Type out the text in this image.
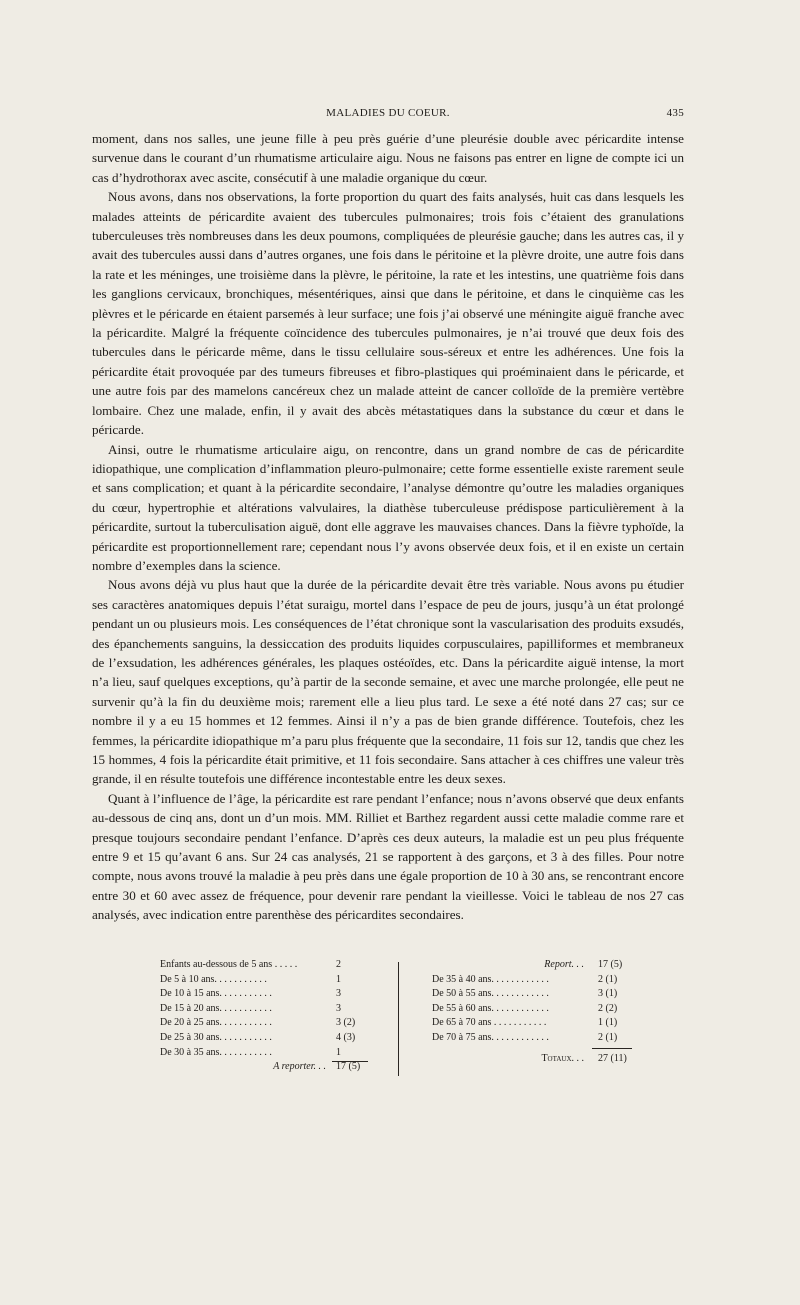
MALADIES DU COEUR.	435

moment, dans nos salles, une jeune fille à peu près guérie d’une pleurésie double avec péricardite intense survenue dans le courant d’un rhumatisme articulaire aigu. Nous ne faisons pas entrer en ligne de compte ici un cas d’hydrothorax avec ascite, consécutif à une maladie organique du cœur.

Nous avons, dans nos observations, la forte proportion du quart des faits analysés, huit cas dans lesquels les malades atteints de péricardite avaient des tubercules pulmonaires; trois fois c’étaient des granulations tuberculeuses très nombreuses dans les deux poumons, compliquées de pleurésie gauche; dans les autres cas, il y avait des tubercules aussi dans d’autres organes, une fois dans le péritoine et la plèvre droite, une autre fois dans la rate et les méninges, une troisième dans la plèvre, le péritoine, la rate et les intestins, une quatrième fois dans les ganglions cervicaux, bronchiques, mésentériques, ainsi que dans le péritoine, et dans le cinquième cas les plèvres et le péricarde en étaient parsemés à leur surface; une fois j’ai observé une méningite aiguë franche avec la péricardite. Malgré la fréquente coïncidence des tubercules pulmonaires, je n’ai trouvé que deux fois des tubercules dans le péricarde même, dans le tissu cellulaire sous-séreux et entre les adhérences. Une fois la péricardite était provoquée par des tumeurs fibreuses et fibro-plastiques qui proéminaient dans le péricarde, et une autre fois par des mamelons cancéreux chez un malade atteint de cancer colloïde de la première vertèbre lombaire. Chez une malade, enfin, il y avait des abcès métastatiques dans la substance du cœur et dans le péricarde.

Ainsi, outre le rhumatisme articulaire aigu, on rencontre, dans un grand nombre de cas de péricardite idiopathique, une complication d’inflammation pleuro-pulmonaire; cette forme essentielle existe rarement seule et sans complication; et quant à la péricardite secondaire, l’analyse démontre qu’outre les maladies organiques du cœur, hypertrophie et altérations valvulaires, la diathèse tuberculeuse prédispose particulièrement à la péricardite, surtout la tuberculisation aiguë, dont elle aggrave les mauvaises chances. Dans la fièvre typhoïde, la péricardite est proportionnellement rare; cependant nous l’y avons observée deux fois, et il en existe un certain nombre d’exemples dans la science.

Nous avons déjà vu plus haut que la durée de la péricardite devait être très variable. Nous avons pu étudier ses caractères anatomiques depuis l’état suraigu, mortel dans l’espace de peu de jours, jusqu’à un état prolongé pendant un ou plusieurs mois. Les conséquences de l’état chronique sont la vascularisation des produits exsudés, des épanchements sanguins, la dessiccation des produits liquides corpusculaires, papilliformes et membraneux de l’exsudation, les adhérences générales, les plaques ostéoïdes, etc. Dans la péricardite aiguë intense, la mort n’a lieu, sauf quelques exceptions, qu’à partir de la seconde semaine, et avec une marche prolongée, elle peut ne survenir qu’à la fin du deuxième mois; rarement elle a lieu plus tard. Le sexe a été noté dans 27 cas; sur ce nombre il y a eu 15 hommes et 12 femmes. Ainsi il n’y a pas de bien grande différence. Toutefois, chez les femmes, la péricardite idiopathique m’a paru plus fréquente que la secondaire, 11 fois sur 12, tandis que chez les 15 hommes, 4 fois la péricardite était primitive, et 11 fois secondaire. Sans attacher à ces chiffres une valeur très grande, il en résulte toutefois une différence incontestable entre les deux sexes.

Quant à l’influence de l’âge, la péricardite est rare pendant l’enfance; nous n’avons observé que deux enfants au-dessous de cinq ans, dont un d’un mois. MM. Rilliet et Barthez regardent aussi cette maladie comme rare et presque toujours secondaire pendant l’enfance. D’après ces deux auteurs, la maladie est un peu plus fréquente entre 9 et 15 qu’avant 6 ans. Sur 24 cas analysés, 21 se rapportent à des garçons, et 3 à des filles. Pour notre compte, nous avons trouvé la maladie à peu près dans une égale proportion de 10 à 30 ans, se rencontrant encore entre 30 et 60 avec assez de fréquence, pour devenir rare pendant la vieillesse. Voici le tableau de nos 27 cas analysés, avec indication entre parenthèse des péricardites secondaires.

Enfants au-dessous de 5 ans . . . . .	2
De 5 à 10 ans. . . . . . . . . . .	1
De 10 à 15 ans. . . . . . . . . . .	3
De 15 à 20 ans. . . . . . . . . . .	3
De 20 à 25 ans. . . . . . . . . . .	3 (2)
De 25 à 30 ans. . . . . . . . . . .	4 (3)
De 30 à 35 ans. . . . . . . . . . .	1
A reporter. . . 17 (5)
Report. . . 17 (5)
De 35 à 40 ans. . . . . . . . . . . .	2 (1)
De 50 à 55 ans. . . . . . . . . . . .	3 (1)
De 55 à 60 ans. . . . . . . . . . . .	2 (2)
De 65 à 70 ans . . . . . . . . . . .	1 (1)
De 70 à 75 ans. . . . . . . . . . . .	2 (1)
Totaux. . . 27 (11)
